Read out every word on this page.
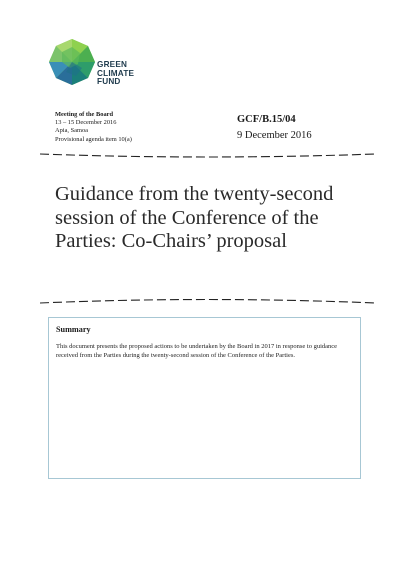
GREEN
CLIMATE
FUND
Meeting of the Board
13 – 15 December 2016
Apia, Samoa
Provisional agenda item 10(a)
GCF/B.15/04
9 December 2016
Guidance from the twenty-second session of the Conference of the Parties: Co-Chairs’ proposal
Summary
This document presents the proposed actions to be undertaken by the Board in 2017 in response to guidance received from the Parties during the twenty-second session of the Conference of the Parties.
